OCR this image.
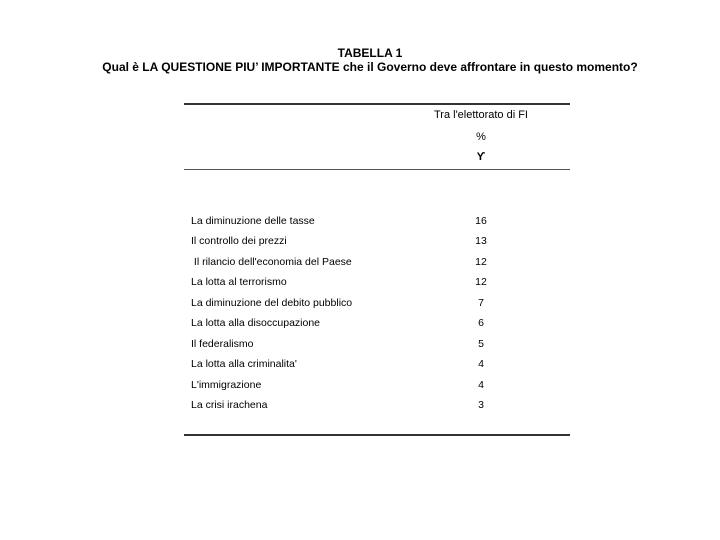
TABELLA 1
Qual è LA QUESTIONE PIU’ IMPORTANTE che il Governo deve affrontare in questo momento?
Tra l'elettorato di FI
%
ϒ
La diminuzione delle tasse	16
Il controllo dei prezzi	13
Il rilancio dell'economia del Paese	12
La lotta al terrorismo	12
La diminuzione del debito pubblico	7
La lotta alla disoccupazione	6
Il federalismo	5
La lotta alla criminalita'	4
L'immigrazione	4
La crisi irachena	3
